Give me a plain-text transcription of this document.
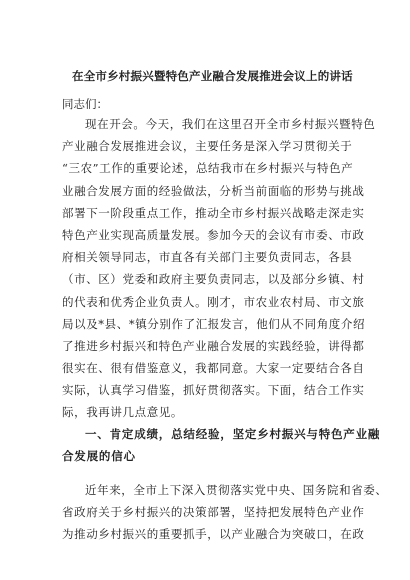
在全市乡村振兴暨特色产业融合发展推进会议上的讲话
同志们：
现在开会。今天，我们在这里召开全市乡村振兴暨特色
产业融合发展推进会议，主要任务是深入学习贯彻关于
“三农”工作的重要论述，总结我市在乡村振兴与特色产
业融合发展方面的经验做法，分析当前面临的形势与挑战
部署下一阶段重点工作，推动全市乡村振兴战略走深走实
特色产业实现高质量发展。参加今天的会议有市委、市政
府相关领导同志，市直各有关部门主要负责同志，各县
（市、区）党委和政府主要负责同志，以及部分乡镇、村
的代表和优秀企业负责人。刚才，市农业农村局、市文旅
局以及*县、*镇分别作了汇报发言，他们从不同角度介绍
了推进乡村振兴和特色产业融合发展的实践经验，讲得都
很实在、很有借鉴意义，我都同意。大家一定要结合各自
实际，认真学习借鉴，抓好贯彻落实。下面，结合工作实
际，我再讲几点意见。
一、肯定成绩，总结经验，坚定乡村振兴与特色产业融
合发展的信心
近年来，全市上下深入贯彻落实党中央、国务院和省委、
省政府关于乡村振兴的决策部署，坚持把发展特色产业作
为推动乡村振兴的重要抓手，以产业融合为突破口，在政
